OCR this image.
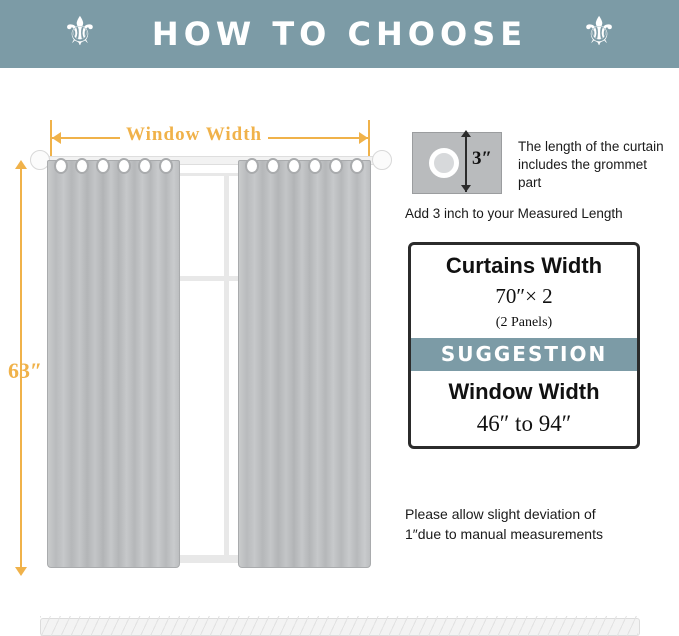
⚜ HOW TO CHOOSE ⚜
Window Width
63″
3″
The length of the curtain includes the grommet part
Add 3 inch to your Measured Length
Curtains Width
70″× 2
(2 Panels)
SUGGESTION
Window Width
46″ to 94″
Please allow slight deviation of
1″due to manual measurements
